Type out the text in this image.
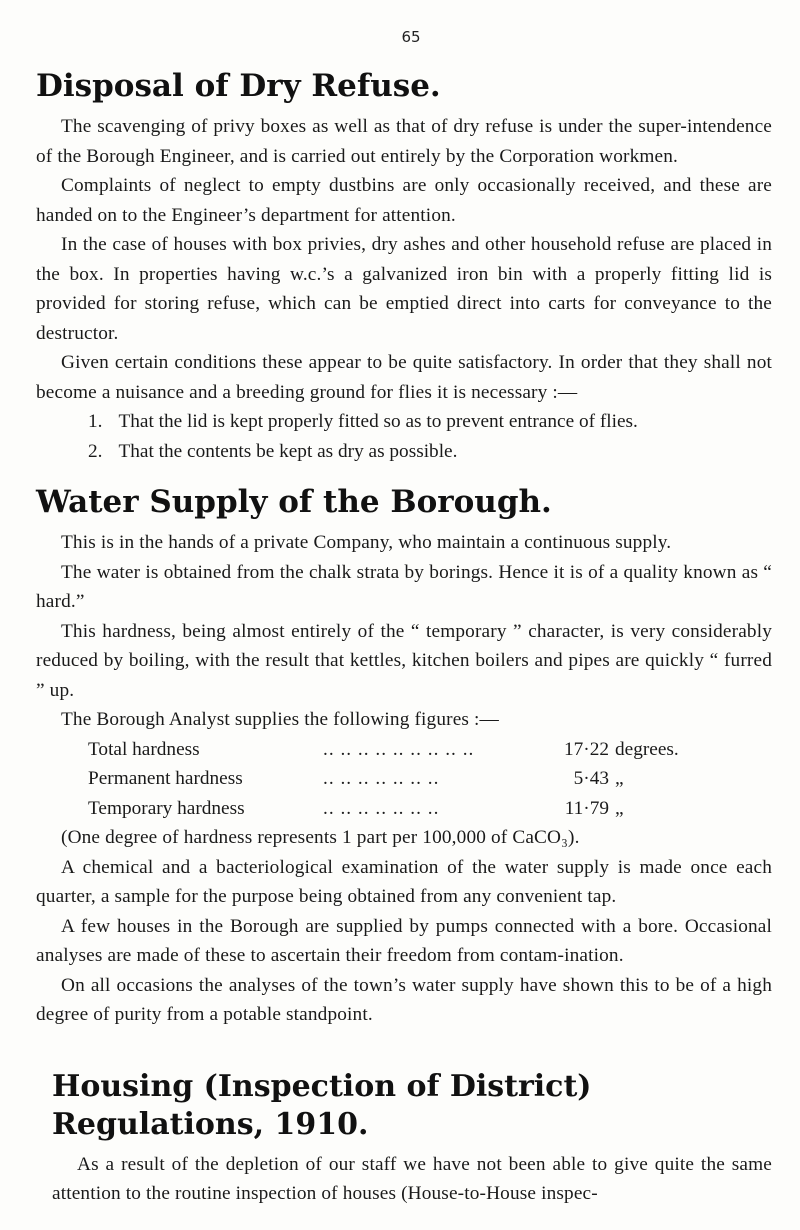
65
Disposal of Dry Refuse.

The scavenging of privy boxes as well as that of dry refuse is under the super-intendence of the Borough Engineer, and is carried out entirely by the Corporation workmen.

Complaints of neglect to empty dustbins are only occasionally received, and these are handed on to the Engineer’s department for attention.

In the case of houses with box privies, dry ashes and other household refuse are placed in the box. In properties having w.c.’s a galvanized iron bin with a properly fitting lid is provided for storing refuse, which can be emptied direct into carts for conveyance to the destructor.

Given certain conditions these appear to be quite satisfactory. In order that they shall not become a nuisance and a breeding ground for flies it is necessary :—

1. That the lid is kept properly fitted so as to prevent entrance of flies.
2. That the contents be kept as dry as possible.
Water Supply of the Borough.

This is in the hands of a private Company, who maintain a continuous supply.

The water is obtained from the chalk strata by borings. Hence it is of a quality known as “ hard.”

This hardness, being almost entirely of the “ temporary ” character, is very considerably reduced by boiling, with the result that kettles, kitchen boilers and pipes are quickly “ furred ” up.

The Borough Analyst supplies the following figures :—

Total hardness	.. .. .. .. .. .. .. .. ..	17·22 degrees.
Permanent hardness	.. .. .. .. .. .. ..	5·43 „
Temporary hardness	.. .. .. .. .. .. ..	11·79 „

(One degree of hardness represents 1 part per 100,000 of CaCO₃).

A chemical and a bacteriological examination of the water supply is made once each quarter, a sample for the purpose being obtained from any convenient tap.

A few houses in the Borough are supplied by pumps connected with a bore. Occasional analyses are made of these to ascertain their freedom from contam-ination.

On all occasions the analyses of the town’s water supply have shown this to be of a high degree of purity from a potable standpoint.

Housing (Inspection of District)
Regulations, 1910.

As a result of the depletion of our staff we have not been able to give quite the same attention to the routine inspection of houses (House-to-House inspec-
